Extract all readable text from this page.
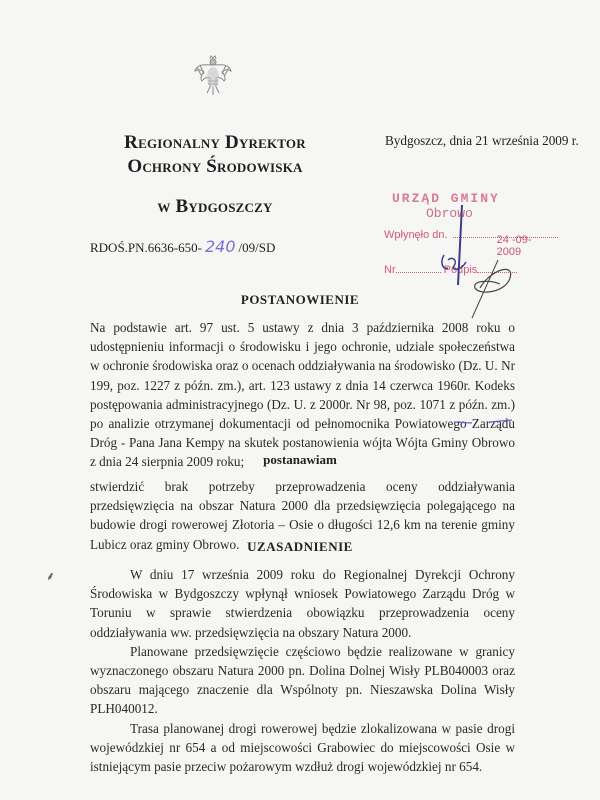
Regionalny Dyrektor
Ochrony Środowiska
w Bydgoszczy
Bydgoszcz, dnia 21 września 2009 r.
URZĄD GMINY
Obrowo
Wpłynęło dn.	24 -09- 2009
Nr	Podpis
RDOŚ.PN.6636-650- 240 /09/SD
POSTANOWIENIE

Na podstawie art. 97 ust. 5 ustawy z dnia 3 października 2008 roku o udostępnieniu informacji o środowisku i jego ochronie, udziale społeczeństwa w ochronie środowiska oraz o ocenach oddziaływania na środowisko (Dz. U. Nr 199, poz. 1227 z późn. zm.), art. 123 ustawy z dnia 14 czerwca 1960r. Kodeks postępowania administracyjnego (Dz. U. z 2000r. Nr 98, poz. 1071 z późn. zm.) po analizie otrzymanej dokumentacji od pełnomocnika Powiatowego Zarządu Dróg - Pana Jana Kempy na skutek postanowienia wójta Wójta Gminy Obrowo z dnia 24 sierpnia 2009 roku;	postanawiam

stwierdzić brak potrzeby przeprowadzenia oceny oddziaływania przedsięwzięcia na obszar Natura 2000 dla przedsięwzięcia polegającego na budowie drogi rowerowej Złotoria – Osie o długości 12,6 km na terenie gminy Lubicz oraz gminy Obrowo. UZASADNIENIE

W dniu 17 września 2009 roku do Regionalnej Dyrekcji Ochrony Środowiska w Bydgoszczy wpłynął wniosek Powiatowego Zarządu Dróg w Toruniu w sprawie stwierdzenia obowiązku przeprowadzenia oceny oddziaływania ww. przedsięwzięcia na obszary Natura 2000.

Planowane przedsięwzięcie częściowo będzie realizowane w granicy wyznaczonego obszaru Natura 2000 pn. Dolina Dolnej Wisły PLB040003 oraz obszaru mającego znaczenie dla Wspólnoty pn. Nieszawska Dolina Wisły PLH040012.

Trasa planowanej drogi rowerowej będzie zlokalizowana w pasie drogi wojewódzkiej nr 654 a od miejscowości Grabowiec do miejscowości Osie w istniejącym pasie przeciw pożarowym wzdłuż drogi wojewódzkiej nr 654.

⸙
